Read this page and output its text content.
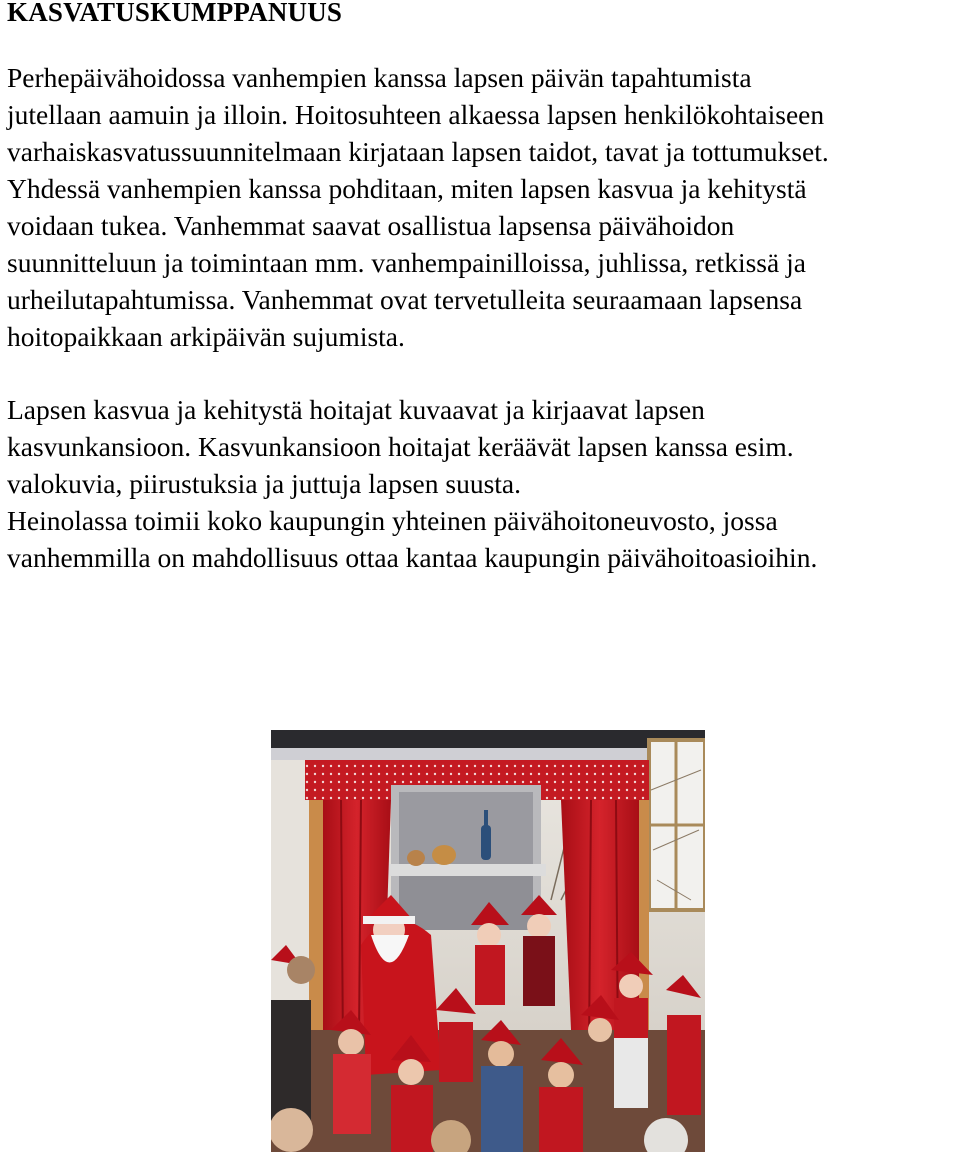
KASVATUSKUMPPANUUS

Perhepäivähoidossa vanhempien kanssa lapsen päivän tapahtumista
jutellaan aamuin ja illoin. Hoitosuhteen alkaessa lapsen henkilökohtaiseen
varhaiskasvatussuunnitelmaan kirjataan lapsen taidot, tavat ja tottumukset.
Yhdessä vanhempien kanssa pohditaan, miten lapsen kasvua ja kehitystä
voidaan tukea. Vanhemmat saavat osallistua lapsensa päivähoidon
suunnitteluun ja toimintaan mm. vanhempainilloissa, juhlissa, retkissä ja
urheilutapahtumissa. Vanhemmat ovat tervetulleita seuraamaan lapsensa
hoitopaikkaan arkipäivän sujumista.

Lapsen kasvua ja kehitystä hoitajat kuvaavat ja kirjaavat lapsen
kasvunkansioon. Kasvunkansioon hoitajat keräävät lapsen kanssa esim.
valokuvia, piirustuksia ja juttuja lapsen suusta.

Heinolassa toimii koko kaupungin yhteinen päivähoitoneuvosto, jossa
vanhemmilla on mahdollisuus ottaa kantaa kaupungin päivähoitoasioihin.
